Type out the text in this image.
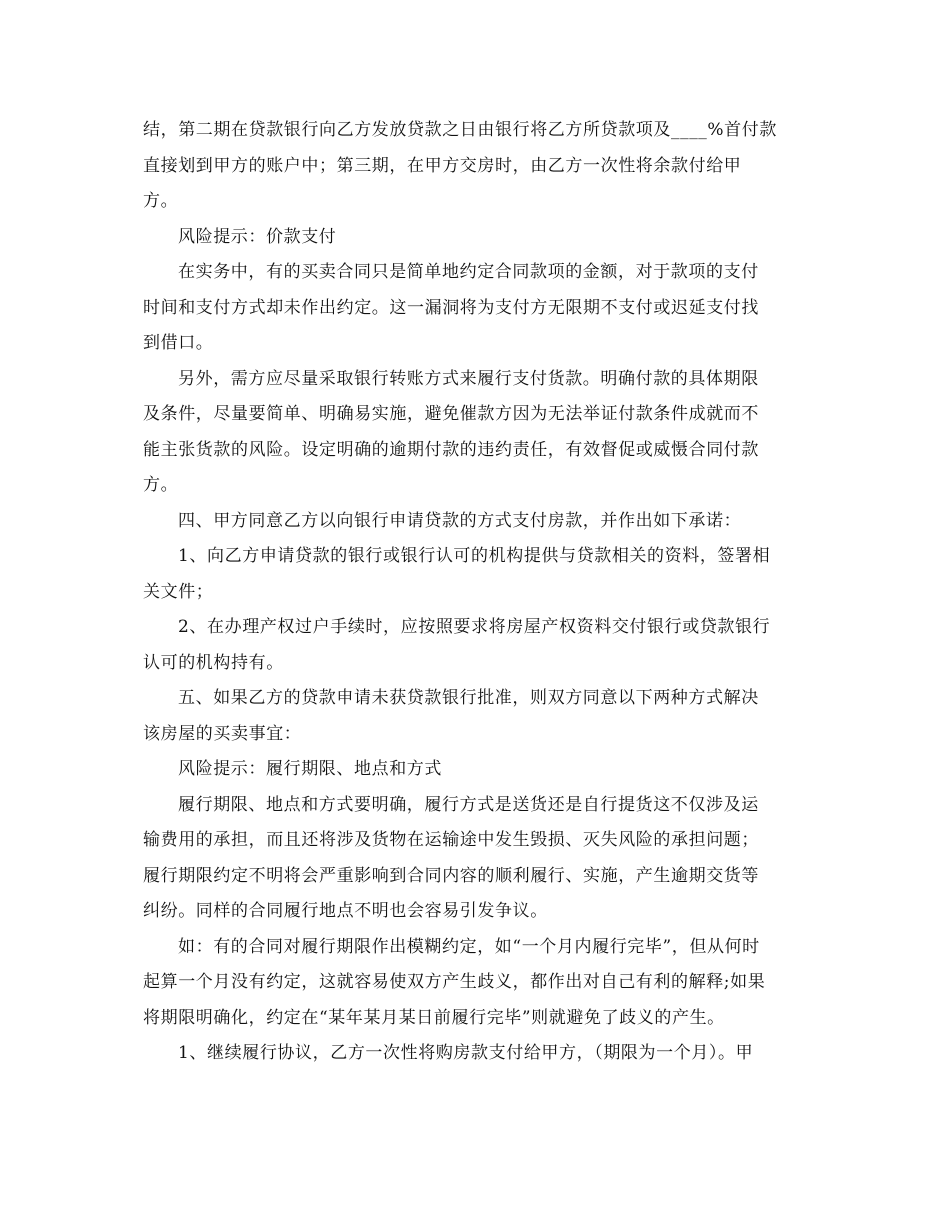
结，第二期在贷款银行向乙方发放贷款之日由银行将乙方所贷款项及____%首付款
直接划到甲方的账户中；第三期，在甲方交房时，由乙方一次性将余款付给甲
方。
风险提示：价款支付
在实务中，有的买卖合同只是简单地约定合同款项的金额，对于款项的支付
时间和支付方式却未作出约定。这一漏洞将为支付方无限期不支付或迟延支付找
到借口。
另外，需方应尽量采取银行转账方式来履行支付货款。明确付款的具体期限
及条件，尽量要简单、明确易实施，避免催款方因为无法举证付款条件成就而不
能主张货款的风险。设定明确的逾期付款的违约责任，有效督促或威慑合同付款
方。
四、甲方同意乙方以向银行申请贷款的方式支付房款，并作出如下承诺：
1、向乙方申请贷款的银行或银行认可的机构提供与贷款相关的资料，签署相
关文件；
2、在办理产权过户手续时，应按照要求将房屋产权资料交付银行或贷款银行
认可的机构持有。
五、如果乙方的贷款申请未获贷款银行批准，则双方同意以下两种方式解决
该房屋的买卖事宜：
风险提示：履行期限、地点和方式
履行期限、地点和方式要明确，履行方式是送货还是自行提货这不仅涉及运
输费用的承担，而且还将涉及货物在运输途中发生毁损、灭失风险的承担问题；
履行期限约定不明将会严重影响到合同内容的顺利履行、实施，产生逾期交货等
纠纷。同样的合同履行地点不明也会容易引发争议。
如：有的合同对履行期限作出模糊约定，如“一个月内履行完毕”，但从何时
起算一个月没有约定，这就容易使双方产生歧义，都作出对自己有利的解释;如果
将期限明确化，约定在“某年某月某日前履行完毕”则就避免了歧义的产生。
1、继续履行协议，乙方一次性将购房款支付给甲方，（期限为一个月）。甲
